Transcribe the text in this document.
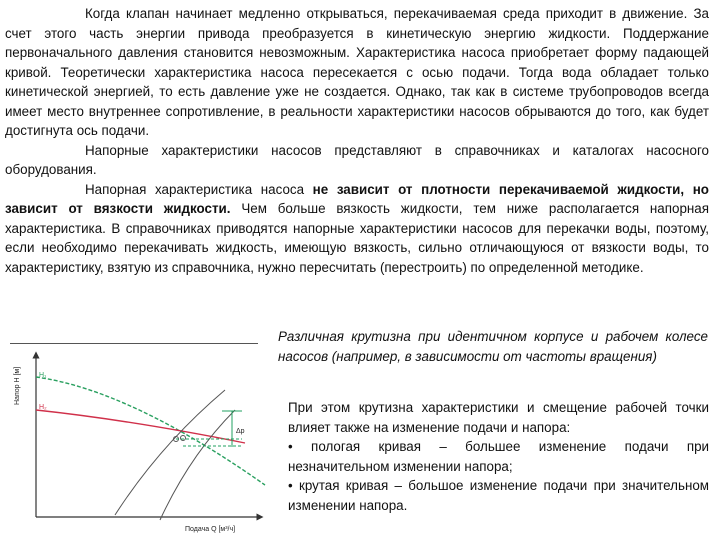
Когда клапан начинает медленно открываться, перекачиваемая среда приходит в движение. За счет этого часть энергии привода преобразуется в кинетическую энергию жидкости. Поддержание первоначального давления становится невозможным. Характеристика насоса приобретает форму падающей кривой. Теоретически характеристика насоса пересекается с осью подачи. Тогда вода обладает только кинетической энергией, то есть давление уже не создается. Однако, так как в системе трубопроводов всегда имеет место внутреннее сопротивление, в реальности характеристики насосов обрываются до того, как будет достигнута ось подачи.

Напорные характеристики насосов представляют в справочниках и каталогах насосного оборудования.

Напорная характеристика насоса не зависит от плотности перекачиваемой жидкости, но зависит от вязкости жидкости. Чем больше вязкость жидкости, тем ниже располагается напорная характеристика. В справочниках приводятся напорные характеристики насосов для перекачки воды, поэтому, если необходимо перекачивать жидкость, имеющую вязкость, сильно отличающуюся от вязкости воды, то характеристику, взятую из справочника, нужно пересчитать (перестроить) по определенной методике.

Напор H [м]
Подача Q [м³/ч]
H₁
H₂
Δp
Различная крутизна при идентичном корпусе и рабочем колесе насосов (например, в зависимости от частоты вращения)

При этом крутизна характеристики и смещение рабочей точки влияет также на изменение подачи и напора:

• пологая кривая – большее изменение подачи при незначительном изменении напора;

• крутая кривая – большое изменение подачи при значительном изменении напора.
